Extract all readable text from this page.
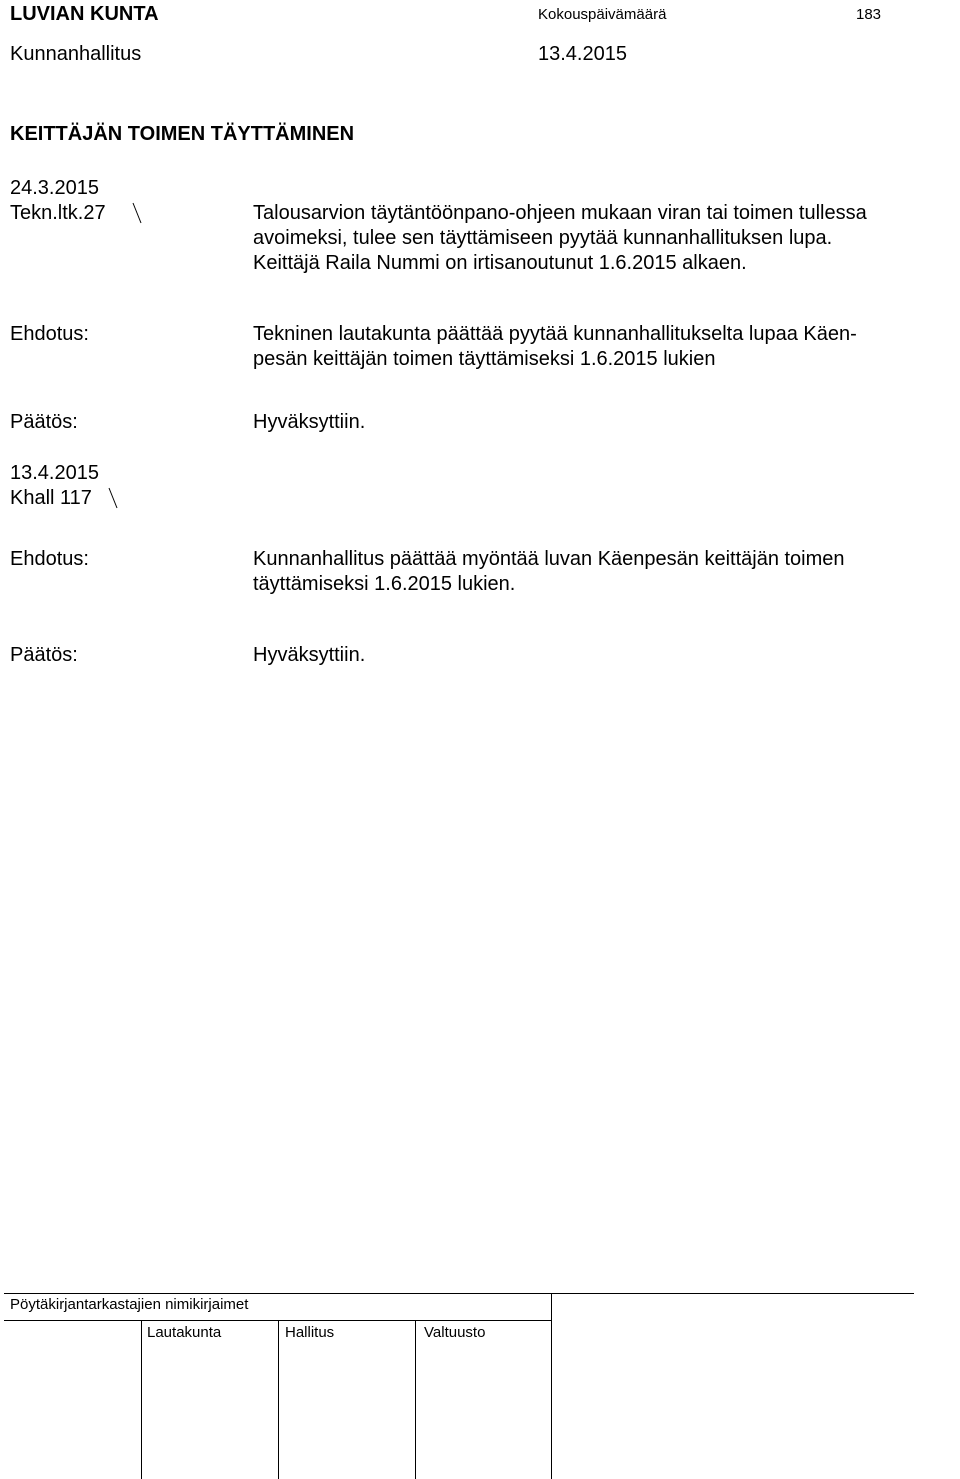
LUVIAN KUNTA	Kokouspäivämäärä	183
Kunnanhallitus	13.4.2015
KEITTÄJÄN TOIMEN TÄYTTÄMINEN
24.3.2015
Tekn.ltk.27	Talousarvion täytäntöönpano-ohjeen mukaan viran tai toimen tullessa
avoimeksi, tulee sen täyttämiseen pyytää kunnanhallituksen lupa.
Keittäjä Raila Nummi on irtisanoutunut 1.6.2015 alkaen.
Ehdotus:	Tekninen lautakunta päättää pyytää kunnanhallitukselta lupaa Käen-
pesän keittäjän toimen täyttämiseksi 1.6.2015 lukien
Päätös:	Hyväksyttiin.
13.4.2015
Khall 117
Ehdotus:	Kunnanhallitus päättää myöntää luvan Käenpesän keittäjän toimen
täyttämiseksi 1.6.2015 lukien.
Päätös:	Hyväksyttiin.
Pöytäkirjantarkastajien nimikirjaimet
Lautakunta	Hallitus	Valtuusto
